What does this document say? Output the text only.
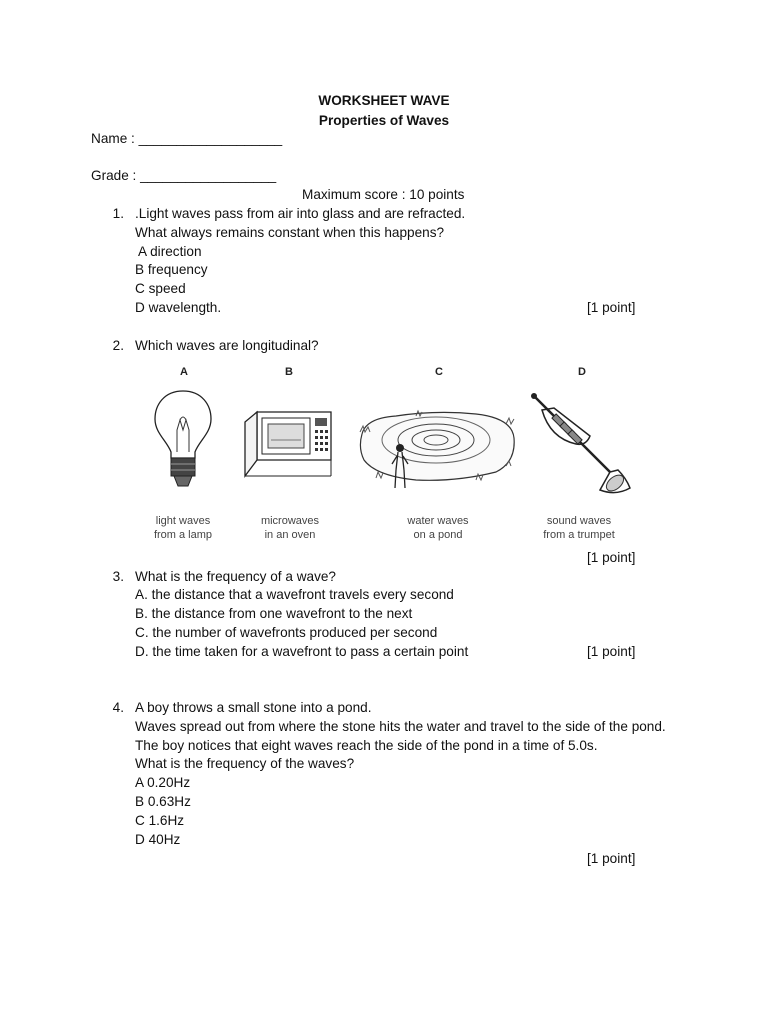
WORKSHEET WAVE
Properties of Waves
Name : ___________________
Grade : __________________
Maximum score : 10 points
1. .Light waves pass from air into glass and are refracted.
What always remains constant when this happens?
A direction
B frequency
C speed
D wavelength.	[1 point]
2. Which waves are longitudinal?
A	B	C	D
light waves
from a lamp
microwaves
in an oven
water waves
on a pond
sound waves
from a trumpet
[1 point]
3. What is the frequency of a wave?
A. the distance that a wavefront travels every second
B. the distance from one wavefront to the next
C. the number of wavefronts produced per second
D. the time taken for a wavefront to pass a certain point	[1 point]
4. A boy throws a small stone into a pond.
Waves spread out from where the stone hits the water and travel to the side of the pond.
The boy notices that eight waves reach the side of the pond in a time of 5.0s.
What is the frequency of the waves?
A 0.20Hz
B 0.63Hz
C 1.6Hz
D 40Hz
[1 point]
